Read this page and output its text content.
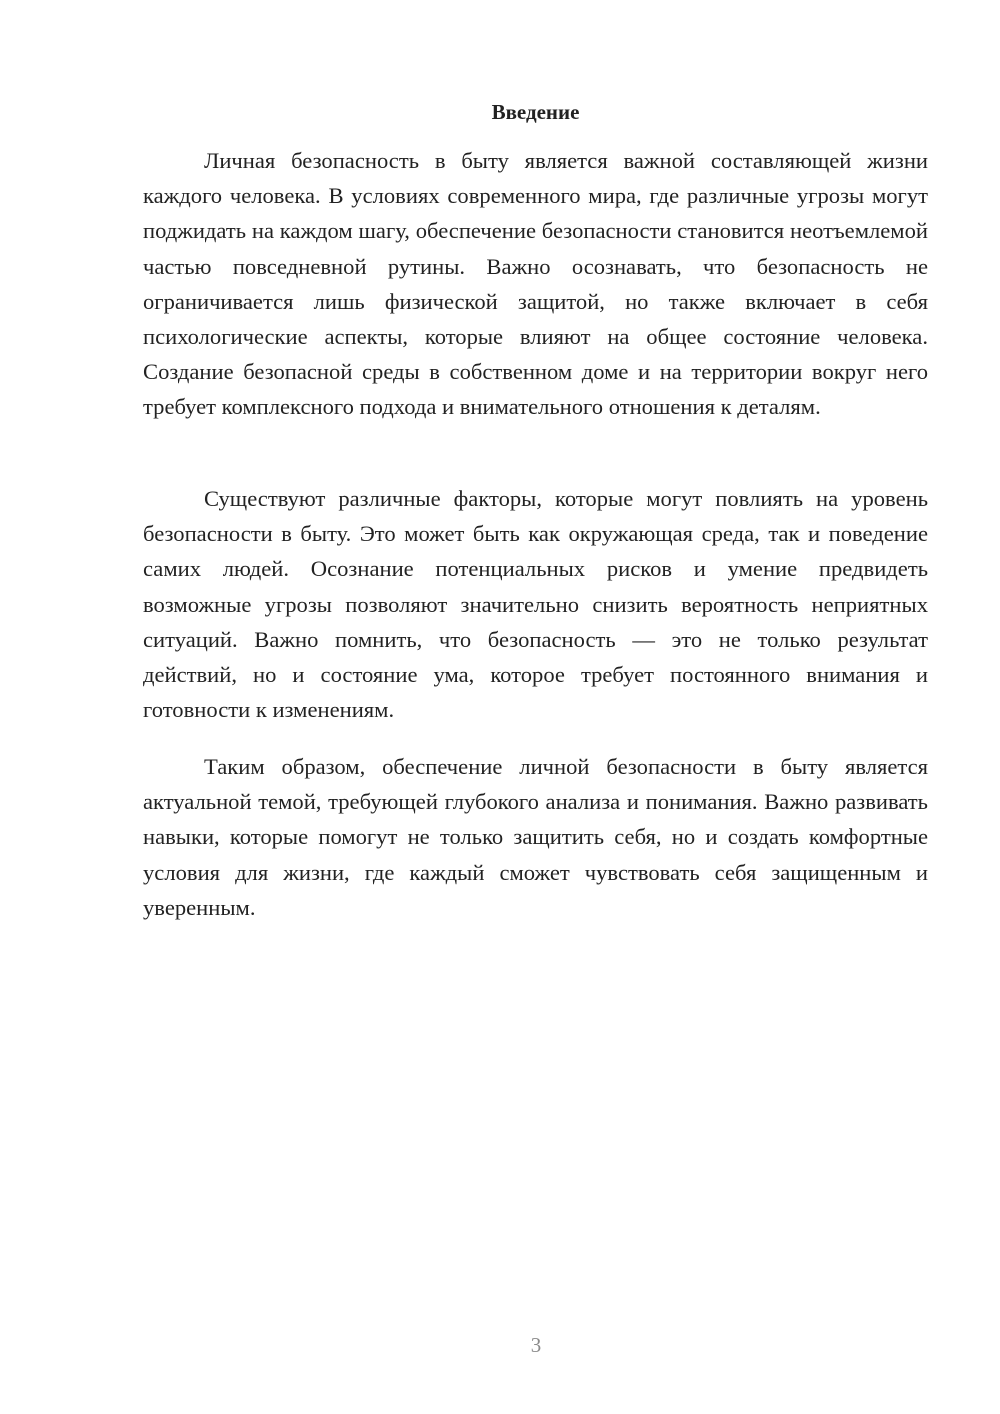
Введение

Личная безопасность в быту является важной составляющей жизни каждого человека. В условиях современного мира, где различные угрозы могут поджидать на каждом шагу, обеспечение безопасности становится неотъемлемой частью повседневной рутины. Важно осознавать, что безопасность не ограничивается лишь физической защитой, но также включает в себя психологические аспекты, которые влияют на общее состояние человека. Создание безопасной среды в собственном доме и на территории вокруг него требует комплексного подхода и внимательного отношения к деталям.

Существуют различные факторы, которые могут повлиять на уровень безопасности в быту. Это может быть как окружающая среда, так и поведение самих людей. Осознание потенциальных рисков и умение предвидеть возможные угрозы позволяют значительно снизить вероятность неприятных ситуаций. Важно помнить, что безопасность — это не только результат действий, но и состояние ума, которое требует постоянного внимания и готовности к изменениям.

Таким образом, обеспечение личной безопасности в быту является актуальной темой, требующей глубокого анализа и понимания. Важно развивать навыки, которые помогут не только защитить себя, но и создать комфортные условия для жизни, где каждый сможет чувствовать себя защищенным и уверенным.

3
